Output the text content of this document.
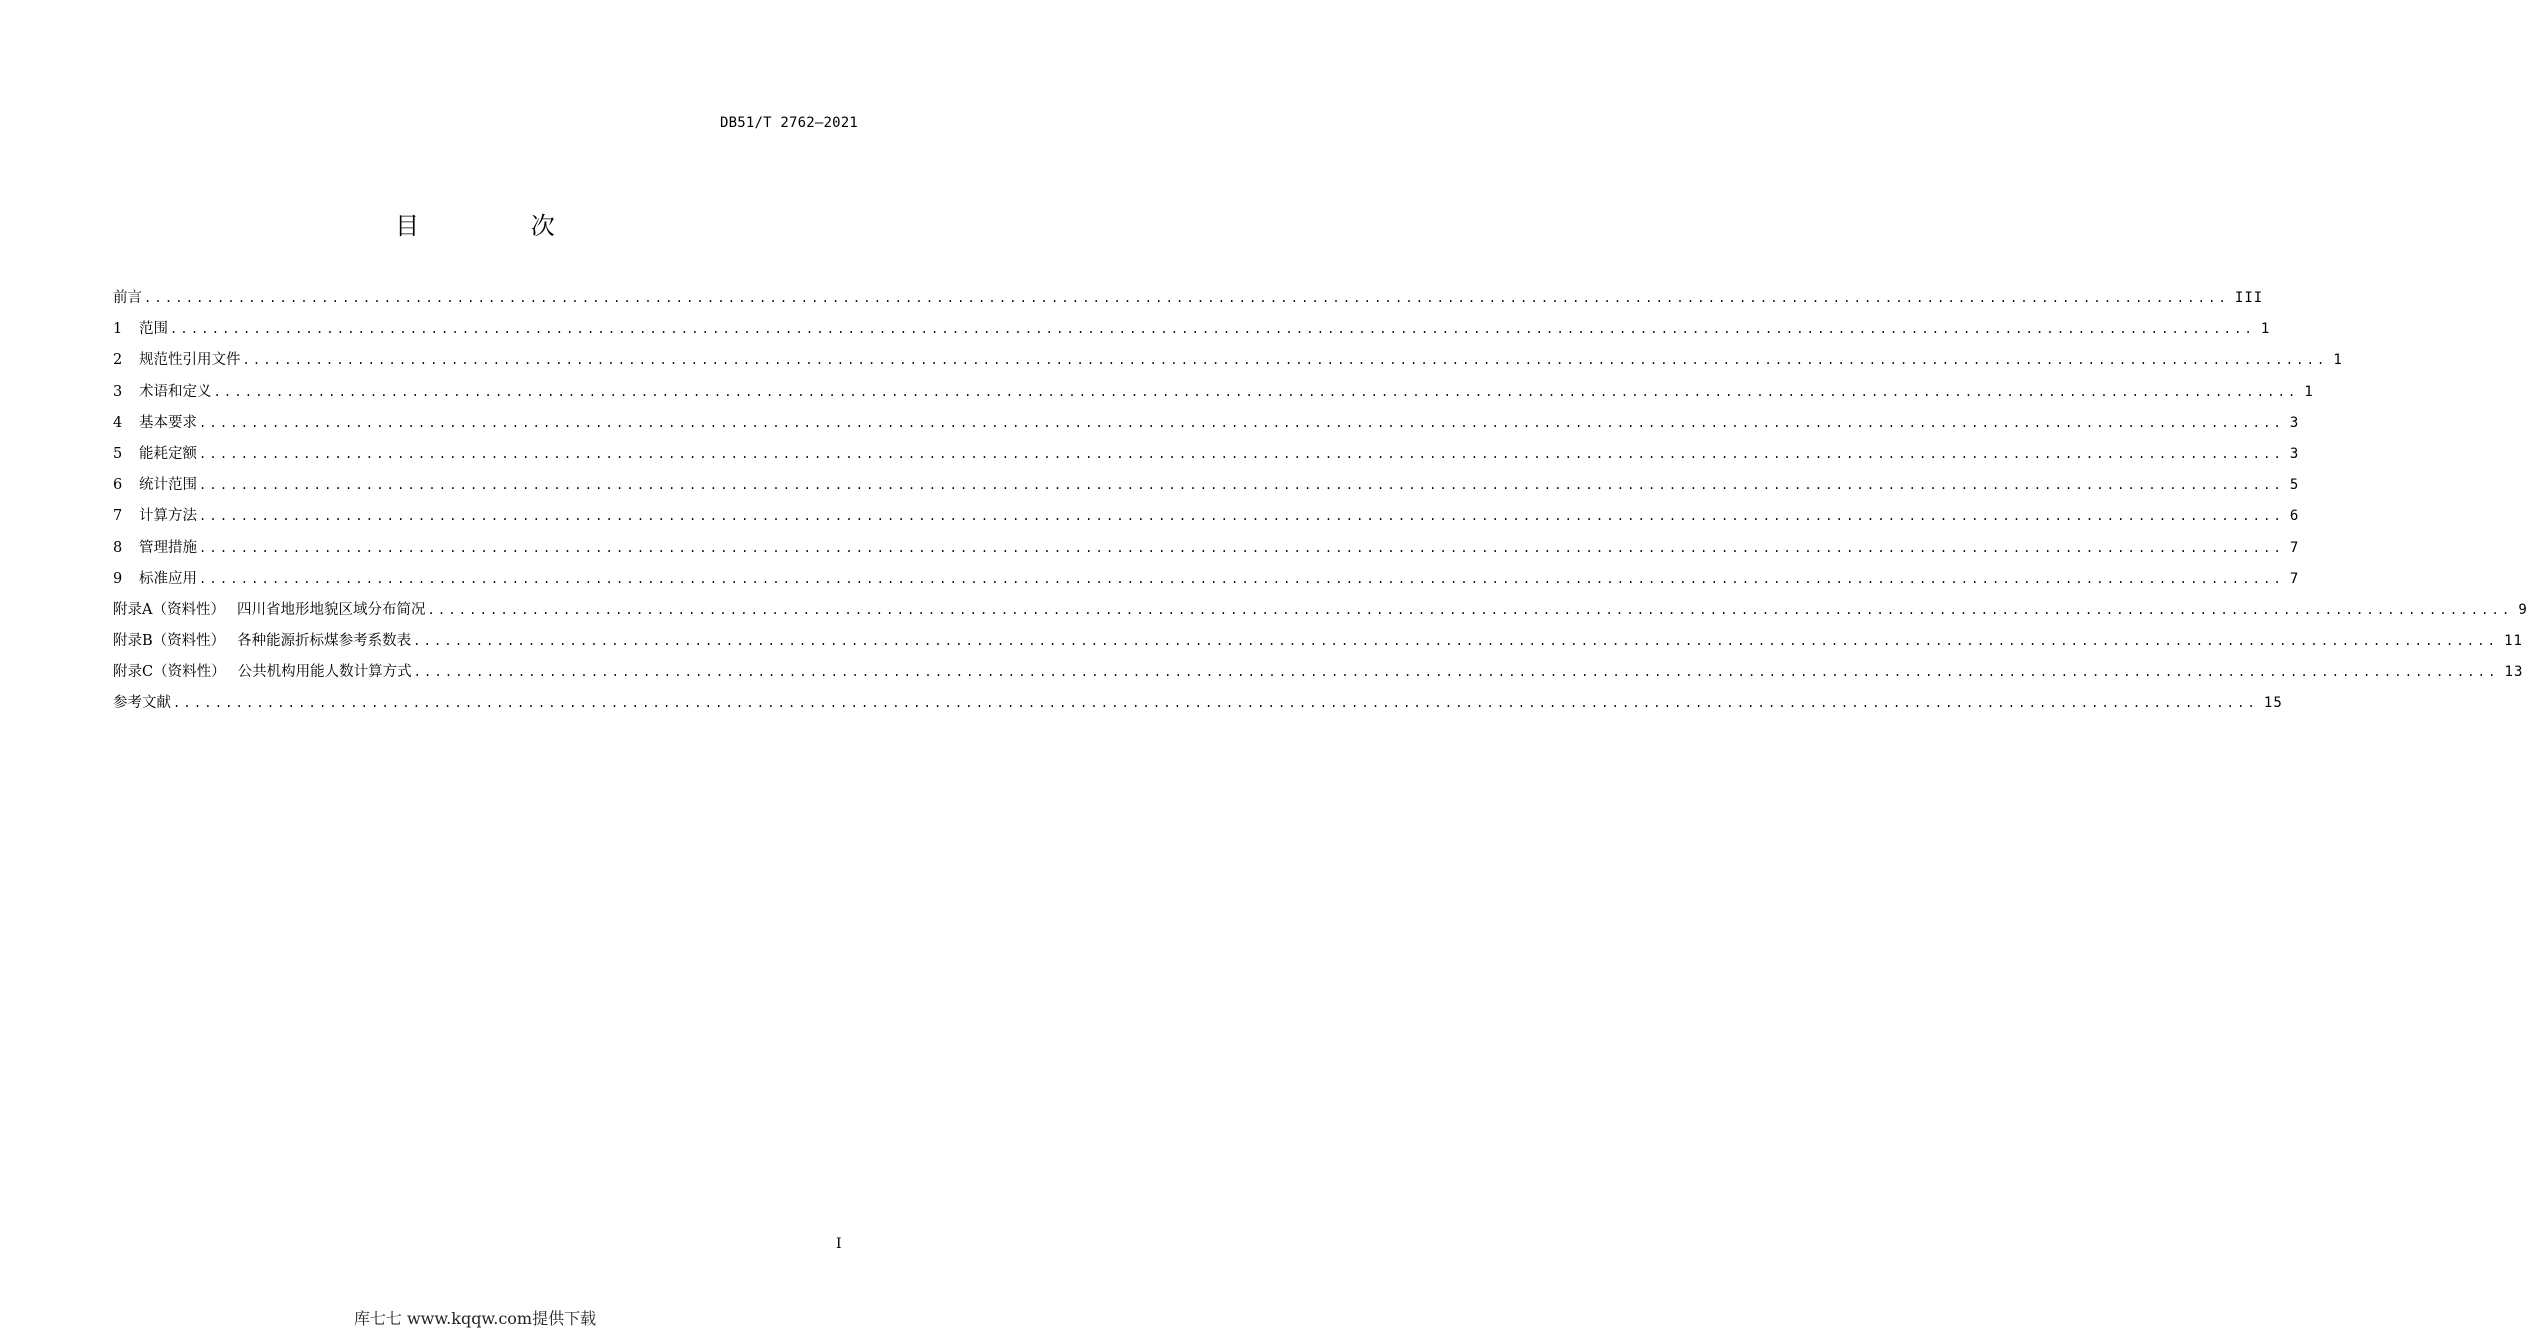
DB51/T 2762—2021
目 次
前言 ........................................................................................................................................................................................................ III
1	范围 ........................................................................................................................................................................................................ 1
2	规范性引用文件 ........................................................................................................................................................................................................ 1
3	术语和定义 ........................................................................................................................................................................................................ 1
4	基本要求 ........................................................................................................................................................................................................ 3
5	能耗定额 ........................................................................................................................................................................................................ 3
6	统计范围 ........................................................................................................................................................................................................ 5
7	计算方法 ........................................................................................................................................................................................................ 6
8	管理措施 ........................................................................................................................................................................................................ 7
9	标准应用 ........................................................................................................................................................................................................ 7
附录A（资料性） 四川省地形地貌区域分布简况 ........................................................................................................................................................................................................ 9
附录B（资料性） 各种能源折标煤参考系数表 ........................................................................................................................................................................................................ 11
附录C（资料性） 公共机构用能人数计算方式 ........................................................................................................................................................................................................ 13
参考文献 ........................................................................................................................................................................................................ 15
I
库七七 www.kqqw.com提供下载
